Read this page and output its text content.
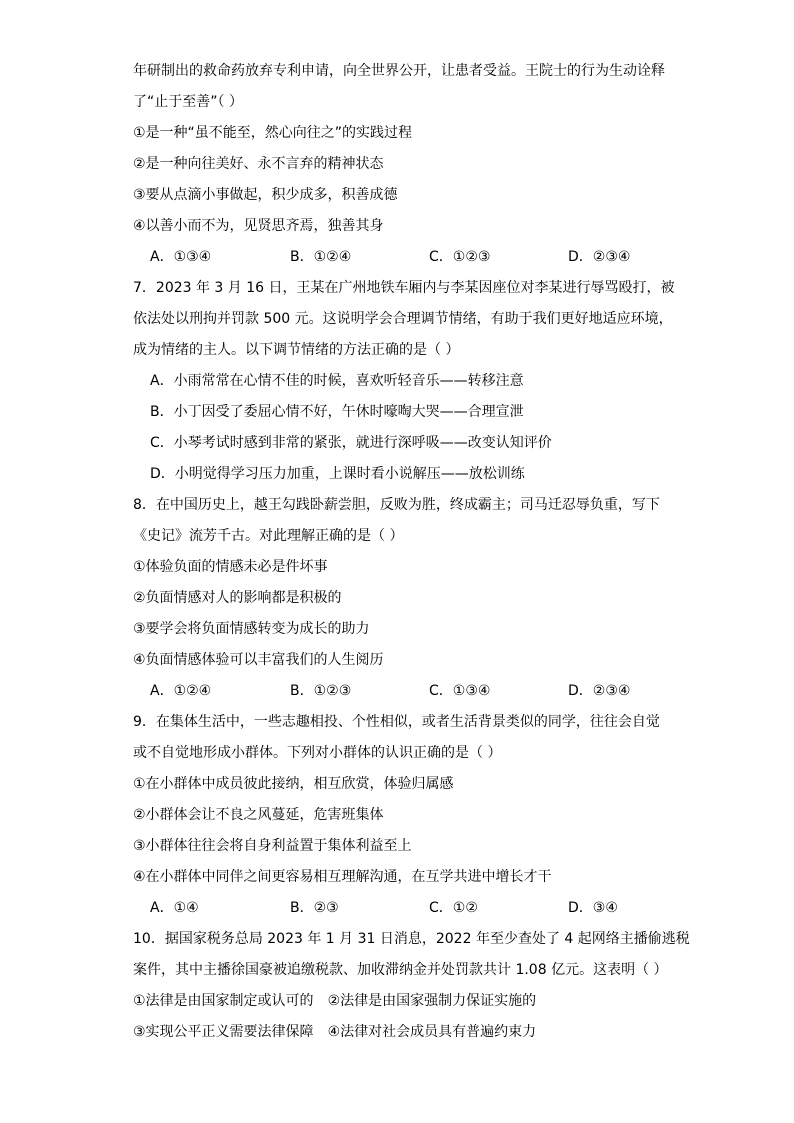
年研制出的救命药放弃专利申请，向全世界公开，让患者受益。王院士的行为生动诠释
了“止于至善”（ ）
①是一种“虽不能至，然心向往之”的实践过程
②是一种向往美好、永不言弃的精神状态
③要从点滴小事做起，积少成多，积善成德
④以善小而不为，见贤思齐焉，独善其身
A．①③④	B．①②④	C．①②③	D．②③④
7．2023 年 3 月 16 日，王某在广州地铁车厢内与李某因座位对李某进行辱骂殴打，被
依法处以刑拘并罚款 500 元。这说明学会合理调节情绪，有助于我们更好地适应环境，
成为情绪的主人。以下调节情绪的方法正确的是（ ）
A．小雨常常在心情不佳的时候，喜欢听轻音乐——转移注意
B．小丁因受了委屈心情不好，午休时嚎啕大哭——合理宣泄
C．小琴考试时感到非常的紧张，就进行深呼吸——改变认知评价
D．小明觉得学习压力加重，上课时看小说解压——放松训练
8．在中国历史上，越王勾践卧薪尝胆，反败为胜，终成霸主；司马迁忍辱负重，写下
《史记》流芳千古。对此理解正确的是（ ）
①体验负面的情感未必是件坏事
②负面情感对人的影响都是积极的
③要学会将负面情感转变为成长的助力
④负面情感体验可以丰富我们的人生阅历
A．①②④	B．①②③	C．①③④	D．②③④
9．在集体生活中，一些志趣相投、个性相似，或者生活背景类似的同学，往往会自觉
或不自觉地形成小群体。下列对小群体的认识正确的是（ ）
①在小群体中成员彼此接纳，相互欣赏，体验归属感
②小群体会让不良之风蔓延，危害班集体
③小群体往往会将自身利益置于集体利益至上
④在小群体中同伴之间更容易相互理解沟通，在互学共进中增长才干
A．①④	B．②③	C．①②	D．③④
10．据国家税务总局 2023 年 1 月 31 日消息，2022 年至少查处了 4 起网络主播偷逃税
案件，其中主播徐国豪被追缴税款、加收滞纳金并处罚款共计 1.08 亿元。这表明（ ）
①法律是由国家制定或认可的 ②法律是由国家强制力保证实施的
③实现公平正义需要法律保障 ④法律对社会成员具有普遍约束力
